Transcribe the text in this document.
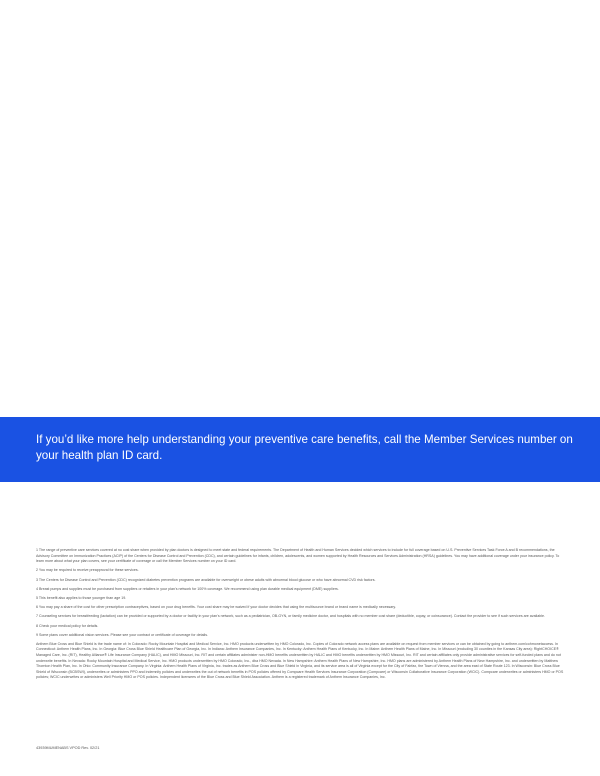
If you’d like more help understanding your preventive care benefits, call the Member Services number on your health plan ID card.

1 The range of preventive care services covered at no cost share when provided by plan doctors is designed to meet state and federal requirements. The Department of Health and Human Services decided which services to include for full coverage based on U.S. Preventive Services Task Force A and B recommendations, the Advisory Committee on Immunization Practices (ACIP) of the Centers for Disease Control and Prevention (CDC), and certain guidelines for infants, children, adolescents, and women supported by Health Resources and Services Administration (HRSA) guidelines. You may have additional coverage under your insurance policy. To learn more about what your plan covers, see your certificate of coverage or call the Member Services number on your ID card.

2 You may be required to receive preapproval for these services.

3 The Centers for Disease Control and Prevention (CDC) recognized diabetes prevention programs are available for overweight or obese adults with abnormal blood glucose or who have abnormal CVD risk factors.

4 Breast pumps and supplies must be purchased from suppliers or retailers in your plan's network for 100% coverage. We recommend using plan durable medical equipment (DME) suppliers.

5 This benefit also applies to those younger than age 19.

6 You may pay a share of the cost for other prescription contraceptives, based on your drug benefits. Your cost share may be waived if your doctor decides that using the multisource brand or brand name is medically necessary.

7 Counseling services for breastfeeding (lactation) can be provided or supported by a doctor or facility in your plan's network, such as a pediatrician, OB-GYN, or family medicine doctor, and hospitals with no member cost share (deductible, copay, or coinsurance). Contact the provider to see if such services are available.

8 Check your medical policy for details.

9 Some plans cover additional vision services. Please see your contract or certificate of coverage for details.

Anthem Blue Cross and Blue Shield is the trade name of: In Colorado: Rocky Mountain Hospital and Medical Service, Inc. HMO products underwritten by HMO Colorado, Inc. Copies of Colorado network access plans are available on request from member services or can be obtained by going to anthem.com/cohmonetaccess. In Connecticut: Anthem Health Plans, Inc. In Georgia: Blue Cross Blue Shield Healthcare Plan of Georgia, Inc. In Indiana: Anthem Insurance Companies, Inc. In Kentucky: Anthem Health Plans of Kentucky, Inc. In Maine: Anthem Health Plans of Maine, Inc. In Missouri (excluding 30 counties in the Kansas City area): RightCHOICE® Managed Care, Inc. (RIT), Healthy Alliance® Life Insurance Company (HALIC), and HMO Missouri, Inc. RIT and certain affiliates administer non-HMO benefits underwritten by HALIC and HMO benefits underwritten by HMO Missouri, Inc. RIT and certain affiliates only provide administrative services for self-funded plans and do not underwrite benefits. In Nevada: Rocky Mountain Hospital and Medical Service, Inc. HMO products underwritten by HMO Colorado, Inc., dba HMO Nevada. In New Hampshire: Anthem Health Plans of New Hampshire, Inc. HMO plans are administered by Anthem Health Plans of New Hampshire, Inc. and underwritten by Matthew Thornton Health Plan, Inc. In Ohio: Community Insurance Company. In Virginia: Anthem Health Plans of Virginia, Inc. trades as Anthem Blue Cross and Blue Shield in Virginia, and its service area is all of Virginia except for the City of Fairfax, the Town of Vienna, and the area east of State Route 123. In Wisconsin: Blue Cross Blue Shield of Wisconsin (BCBSWI), underwrites or administers PPO and indemnity policies and underwrites the out of network benefits in POS policies offered by Compcare Health Services Insurance Corporation (Compcare) or Wisconsin Collaborative Insurance Corporation (WCIC). Compcare underwrites or administers HMO or POS policies; WCIC underwrites or administers Well Priority HMO or POS policies. Independent licensees of the Blue Cross and Blue Shield Association. Anthem is a registered trademark of Anthem Insurance Companies, Inc.

43939MUMENABS VPOD Rev. 02/21
